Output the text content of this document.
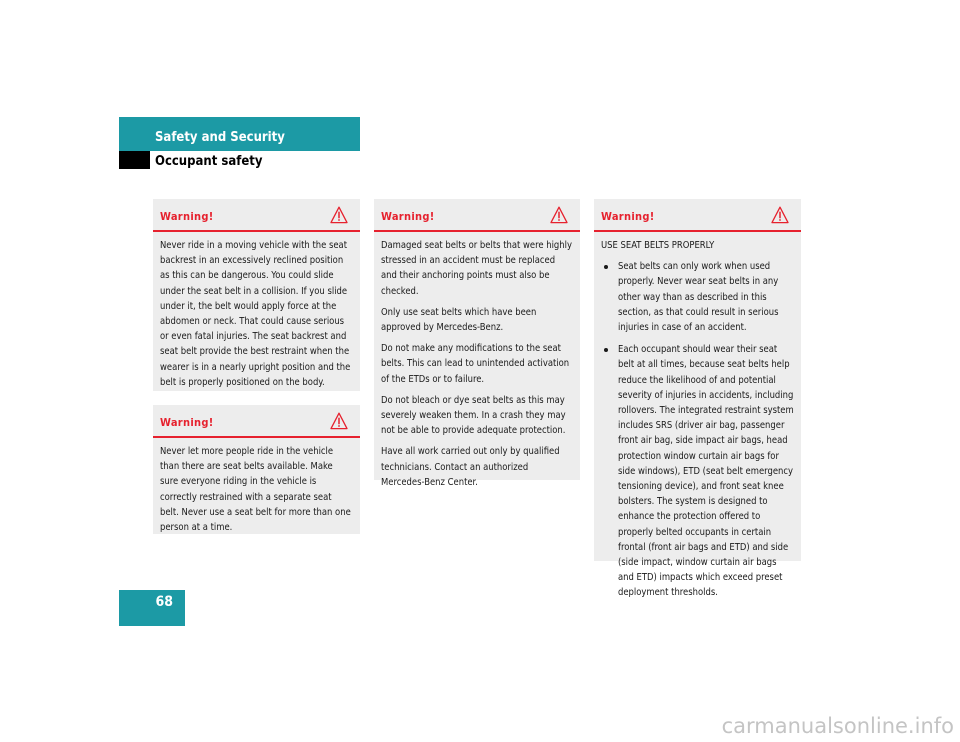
Safety and Security
Occupant safety
Warning!

Never ride in a moving vehicle with the seat backrest in an excessively reclined position as this can be dangerous. You could slide under the seat belt in a collision. If you slide under it, the belt would apply force at the abdomen or neck. That could cause serious or even fatal injuries. The seat backrest and seat belt provide the best restraint when the wearer is in a nearly upright position and the belt is properly positioned on the body.

Warning!

Never let more people ride in the vehicle than there are seat belts available. Make sure everyone riding in the vehicle is correctly restrained with a separate seat belt. Never use a seat belt for more than one person at a time.

Warning!

Damaged seat belts or belts that were highly stressed in an accident must be replaced and their anchoring points must also be checked.

Only use seat belts which have been approved by Mercedes-Benz.

Do not make any modifications to the seat belts. This can lead to unintended activation of the ETDs or to failure.

Do not bleach or dye seat belts as this may severely weaken them. In a crash they may not be able to provide adequate protection.

Have all work carried out only by qualified technicians. Contact an authorized Mercedes-Benz Center.

Warning!

USE SEAT BELTS PROPERLY

Seat belts can only work when used properly. Never wear seat belts in any other way than as described in this section, as that could result in serious injuries in case of an accident.
Each occupant should wear their seat belt at all times, because seat belts help reduce the likelihood of and potential severity of injuries in accidents, including rollovers. The integrated restraint system includes SRS (driver air bag, passenger front air bag, side impact air bags, head protection window curtain air bags for side windows), ETD (seat belt emergency tensioning device), and front seat knee bolsters. The system is designed to enhance the protection offered to properly belted occupants in certain frontal (front air bags and ETD) and side (side impact, window curtain air bags and ETD) impacts which exceed preset deployment thresholds.
68
carmanualsonline.info
